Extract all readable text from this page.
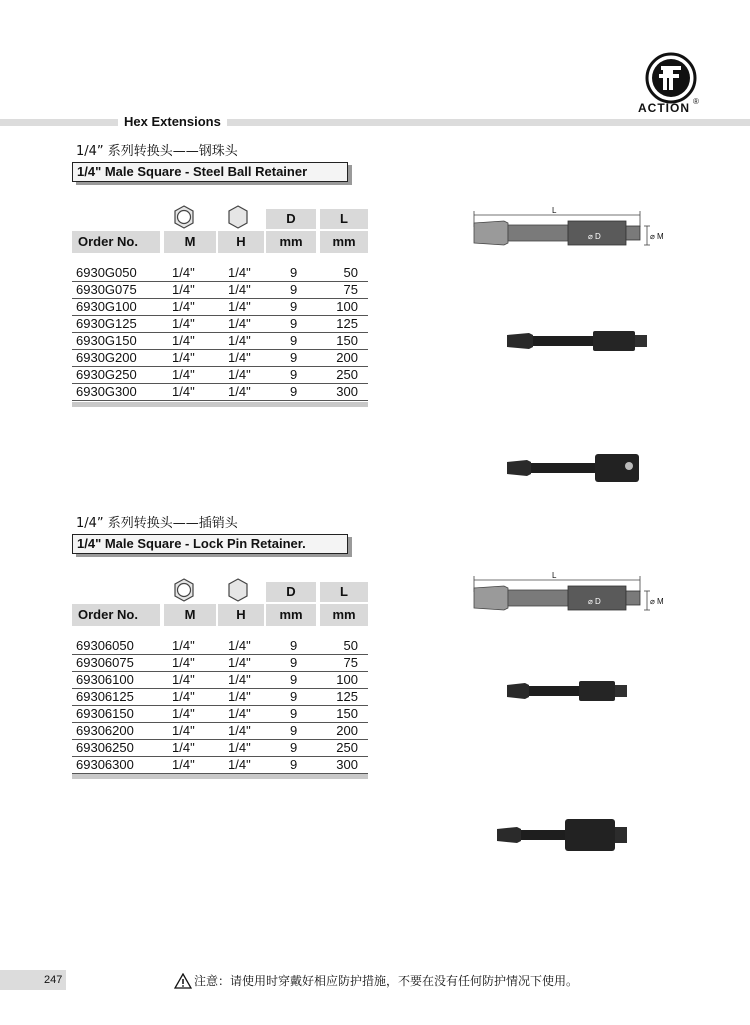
Hex Extensions
ACTION ®
1/4” 系列转换头——钢珠头
1/4" Male Square - Steel Ball Retainer
D	L
Order No.	M	H	mm	mm
6930G050	1/4"	1/4"	9	50
6930G075	1/4"	1/4"	9	75
6930G100	1/4"	1/4"	9	100
6930G125	1/4"	1/4"	9	125
6930G150	1/4"	1/4"	9	150
6930G200	1/4"	1/4"	9	200
6930G250	1/4"	1/4"	9	250
6930G300	1/4"	1/4"	9	300
L
⌀ D	⌀ M
1/4” 系列转换头——插销头
1/4" Male Square - Lock Pin Retainer.
D	L
Order No.	M	H	mm	mm
69306050	1/4"	1/4"	9	50
69306075	1/4"	1/4"	9	75
69306100	1/4"	1/4"	9	100
69306125	1/4"	1/4"	9	125
69306150	1/4"	1/4"	9	150
69306200	1/4"	1/4"	9	200
69306250	1/4"	1/4"	9	250
69306300	1/4"	1/4"	9	300
L
⌀ D	⌀ M
247	注意：请使用时穿戴好相应防护措施，不要在没有任何防护情况下使用。
